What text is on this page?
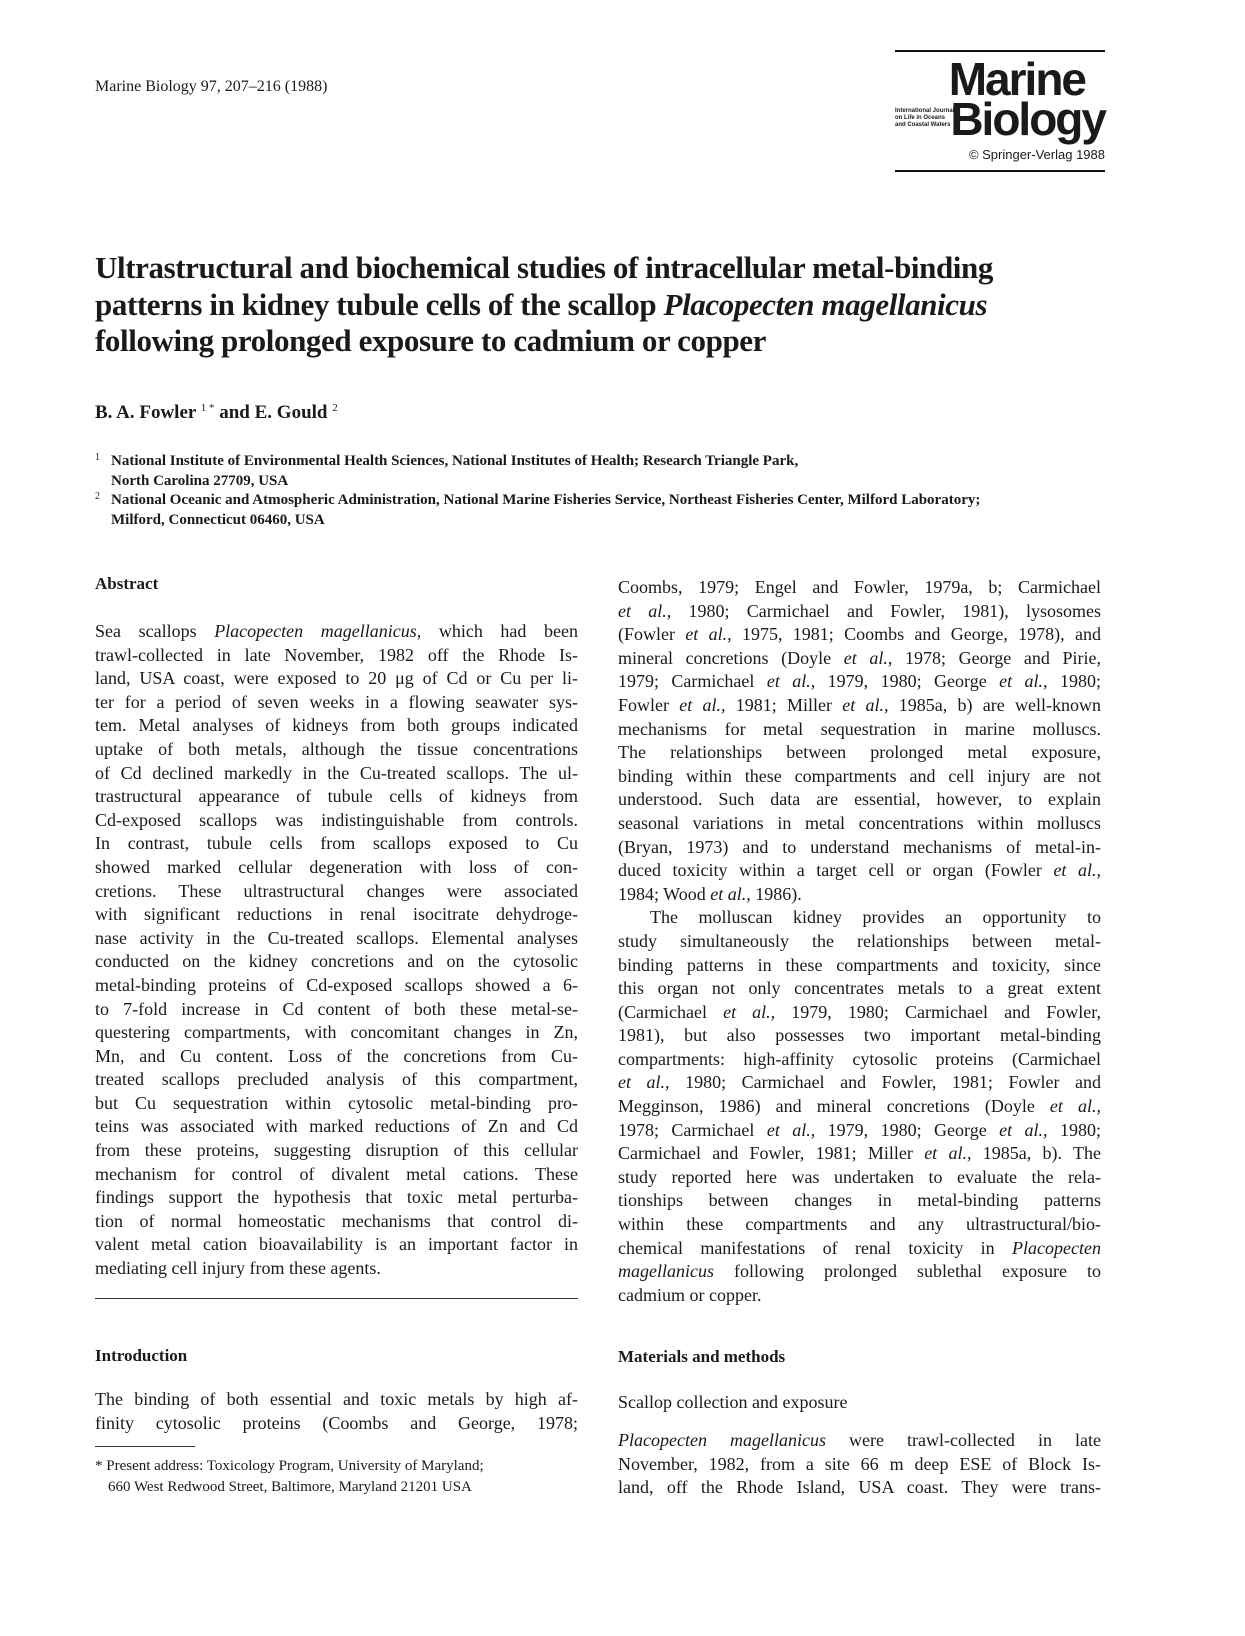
Marine Biology 97, 207–216 (1988)	Marine
International Journal
on Life in Oceans
and Coastal Waters Biology
© Springer-Verlag 1988
Ultrastructural and biochemical studies of intracellular metal-binding
patterns in kidney tubule cells of the scallop Placopecten magellanicus
following prolonged exposure to cadmium or copper
B. A. Fowler $^{1 *}$ and E. Gould $^2$
1 National Institute of Environmental Health Sciences, National Institutes of Health; Research Triangle Park,
North Carolina 27709, USA
2 National Oceanic and Atmospheric Administration, National Marine Fisheries Service, Northeast Fisheries Center, Milford Laboratory;
Milford, Connecticut 06460, USA
Abstract
Sea scallops Placopecten magellanicus, which had been
trawl-collected in late November, 1982 off the Rhode Is-
land, USA coast, were exposed to 20 μg of Cd or Cu per li-
ter for a period of seven weeks in a flowing seawater sys-
tem. Metal analyses of kidneys from both groups indicated
uptake of both metals, although the tissue concentrations
of Cd declined markedly in the Cu-treated scallops. The ul-
trastructural appearance of tubule cells of kidneys from
Cd-exposed scallops was indistinguishable from controls.
In contrast, tubule cells from scallops exposed to Cu
showed marked cellular degeneration with loss of con-
cretions. These ultrastructural changes were associated
with significant reductions in renal isocitrate dehydroge-
nase activity in the Cu-treated scallops. Elemental analyses
conducted on the kidney concretions and on the cytosolic
metal-binding proteins of Cd-exposed scallops showed a 6-
to 7-fold increase in Cd content of both these metal-se-
questering compartments, with concomitant changes in Zn,
Mn, and Cu content. Loss of the concretions from Cu-
treated scallops precluded analysis of this compartment,
but Cu sequestration within cytosolic metal-binding pro-
teins was associated with marked reductions of Zn and Cd
from these proteins, suggesting disruption of this cellular
mechanism for control of divalent metal cations. These
findings support the hypothesis that toxic metal perturba-
tion of normal homeostatic mechanisms that control di-
valent metal cation bioavailability is an important factor in
mediating cell injury from these agents.
Introduction
The binding of both essential and toxic metals by high af-
finity cytosolic proteins (Coombs and George, 1978;
* Present address: Toxicology Program, University of Maryland;
660 West Redwood Street, Baltimore, Maryland 21201 USA
Coombs, 1979; Engel and Fowler, 1979a, b; Carmichael
et al., 1980; Carmichael and Fowler, 1981), lysosomes
(Fowler et al., 1975, 1981; Coombs and George, 1978), and
mineral concretions (Doyle et al., 1978; George and Pirie,
1979; Carmichael et al., 1979, 1980; George et al., 1980;
Fowler et al., 1981; Miller et al., 1985a, b) are well-known
mechanisms for metal sequestration in marine molluscs.
The relationships between prolonged metal exposure,
binding within these compartments and cell injury are not
understood. Such data are essential, however, to explain
seasonal variations in metal concentrations within molluscs
(Bryan, 1973) and to understand mechanisms of metal-in-
duced toxicity within a target cell or organ (Fowler et al.,
1984; Wood et al., 1986).
The molluscan kidney provides an opportunity to
study simultaneously the relationships between metal-
binding patterns in these compartments and toxicity, since
this organ not only concentrates metals to a great extent
(Carmichael et al., 1979, 1980; Carmichael and Fowler,
1981), but also possesses two important metal-binding
compartments: high-affinity cytosolic proteins (Carmichael
et al., 1980; Carmichael and Fowler, 1981; Fowler and
Megginson, 1986) and mineral concretions (Doyle et al.,
1978; Carmichael et al., 1979, 1980; George et al., 1980;
Carmichael and Fowler, 1981; Miller et al., 1985a, b). The
study reported here was undertaken to evaluate the rela-
tionships between changes in metal-binding patterns
within these compartments and any ultrastructural/bio-
chemical manifestations of renal toxicity in Placopecten
magellanicus following prolonged sublethal exposure to
cadmium or copper.
Materials and methods
Scallop collection and exposure
Placopecten magellanicus were trawl-collected in late
November, 1982, from a site 66 m deep ESE of Block Is-
land, off the Rhode Island, USA coast. They were trans-
